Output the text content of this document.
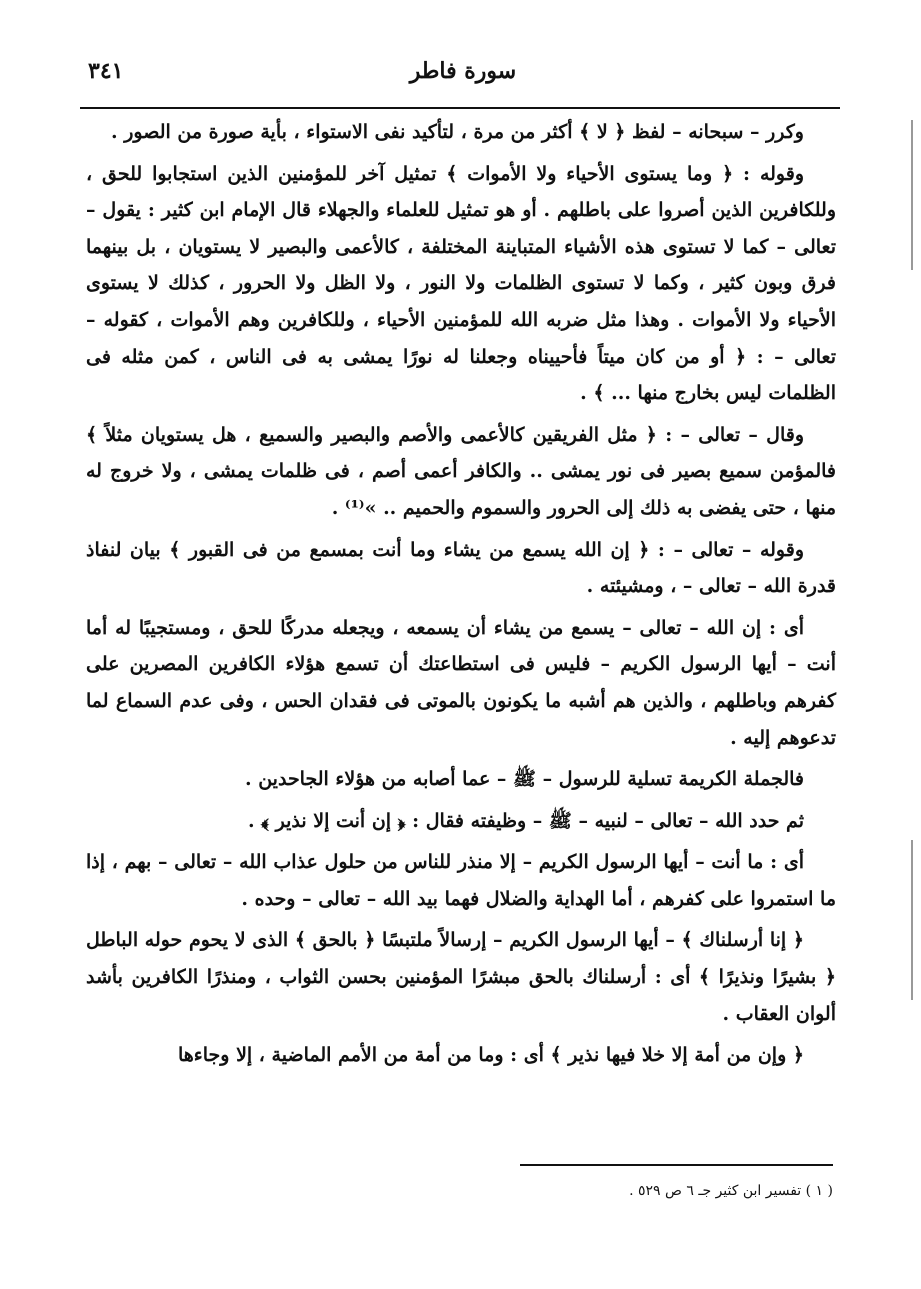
سورة فاطر
٣٤١

وكرر – سبحانه – لفظ ﴿ لا ﴾ أكثر من مرة ، لتأكيد نفى الاستواء ، بأية صورة من الصور .

وقوله : ﴿ وما يستوى الأحياء ولا الأموات ﴾ تمثيل آخر للمؤمنين الذين استجابوا للحق ، وللكافرين الذين أصروا على باطلهم . أو هو تمثيل للعلماء والجهلاء قال الإمام ابن كثير : يقول – تعالى – كما لا تستوى هذه الأشياء المتباينة المختلفة ، كالأعمى والبصير لا يستويان ، بل بينهما فرق وبون كثير ، وكما لا تستوى الظلمات ولا النور ، ولا الظل ولا الحرور ، كذلك لا يستوى الأحياء ولا الأموات . وهذا مثل ضربه الله للمؤمنين الأحياء ، وللكافرين وهم الأموات ، كقوله – تعالى – : ﴿ أو من كان ميتاً فأحييناه وجعلنا له نورًا يمشى به فى الناس ، كمن مثله فى الظلمات ليس بخارج منها ... ﴾ .

وقال – تعالى – : ﴿ مثل الفريقين كالأعمى والأصم والبصير والسميع ، هل يستويان مثلاً ﴾ فالمؤمن سميع بصير فى نور يمشى .. والكافر أعمى أصم ، فى ظلمات يمشى ، ولا خروج له منها ، حتى يفضى به ذلك إلى الحرور والسموم والحميم .. »⁽¹⁾ .

وقوله – تعالى – : ﴿ إن الله يسمع من يشاء وما أنت بمسمع من فى القبور ﴾ بيان لنفاذ قدرة الله – تعالى – ، ومشيئته .

أى : إن الله – تعالى – يسمع من يشاء أن يسمعه ، ويجعله مدركًا للحق ، ومستجيبًا له أما أنت – أيها الرسول الكريم – فليس فى استطاعتك أن تسمع هؤلاء الكافرين المصرين على كفرهم وباطلهم ، والذين هم أشبه ما يكونون بالموتى فى فقدان الحس ، وفى عدم السماع لما تدعوهم إليه .

فالجملة الكريمة تسلية للرسول – ﷺ – عما أصابه من هؤلاء الجاحدين .

ثم حدد الله – تعالى – لنبيه – ﷺ – وظيفته فقال : ﴿ إن أنت إلا نذير ﴾ .

أى : ما أنت – أيها الرسول الكريم – إلا منذر للناس من حلول عذاب الله – تعالى – بهم ، إذا ما استمروا على كفرهم ، أما الهداية والضلال فهما بيد الله – تعالى – وحده .

﴿ إنا أرسلناك ﴾ – أيها الرسول الكريم – إرسالاً ملتبسًا ﴿ بالحق ﴾ الذى لا يحوم حوله الباطل ﴿ بشيرًا ونذيرًا ﴾ أى : أرسلناك بالحق مبشرًا المؤمنين بحسن الثواب ، ومنذرًا الكافرين بأشد ألوان العقاب .

﴿ وإن من أمة إلا خلا فيها نذير ﴾ أى : وما من أمة من الأمم الماضية ، إلا وجاءها

( ١ ) تفسير ابن كثير جـ ٦ ص ٥٢٩ .
